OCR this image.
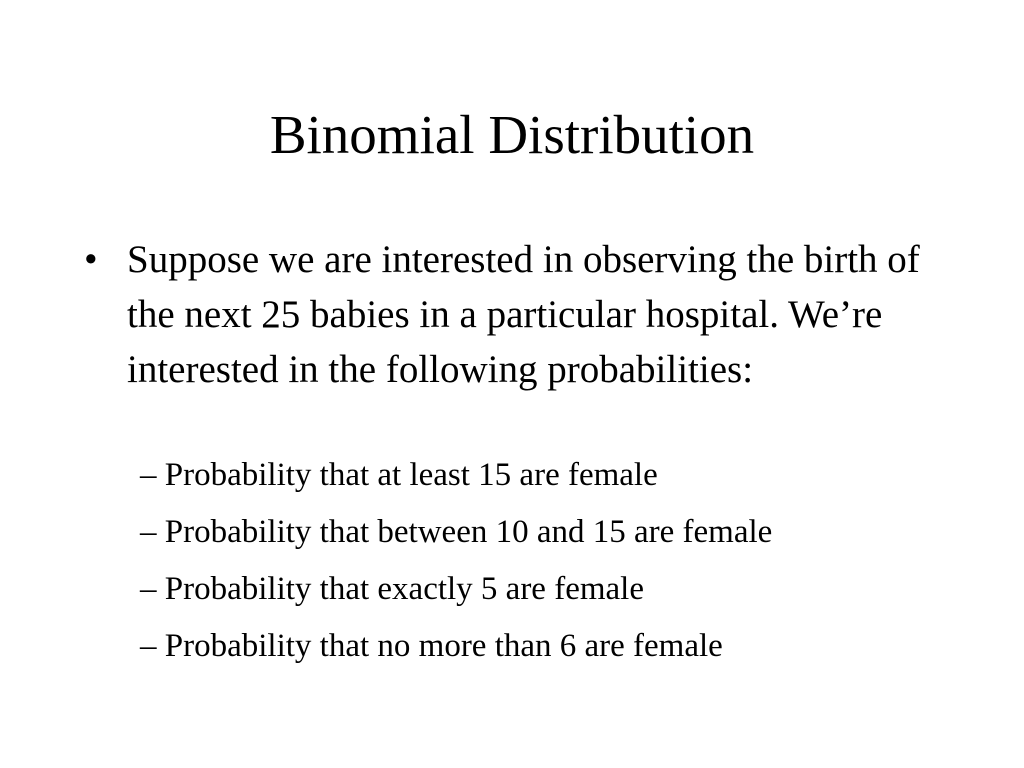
Binomial Distribution
• Suppose we are interested in observing the birth of the next 25 babies in a particular hospital. We’re interested in the following probabilities:
– Probability that at least 15 are female
– Probability that between 10 and 15 are female
– Probability that exactly 5 are female
– Probability that no more than 6 are female
